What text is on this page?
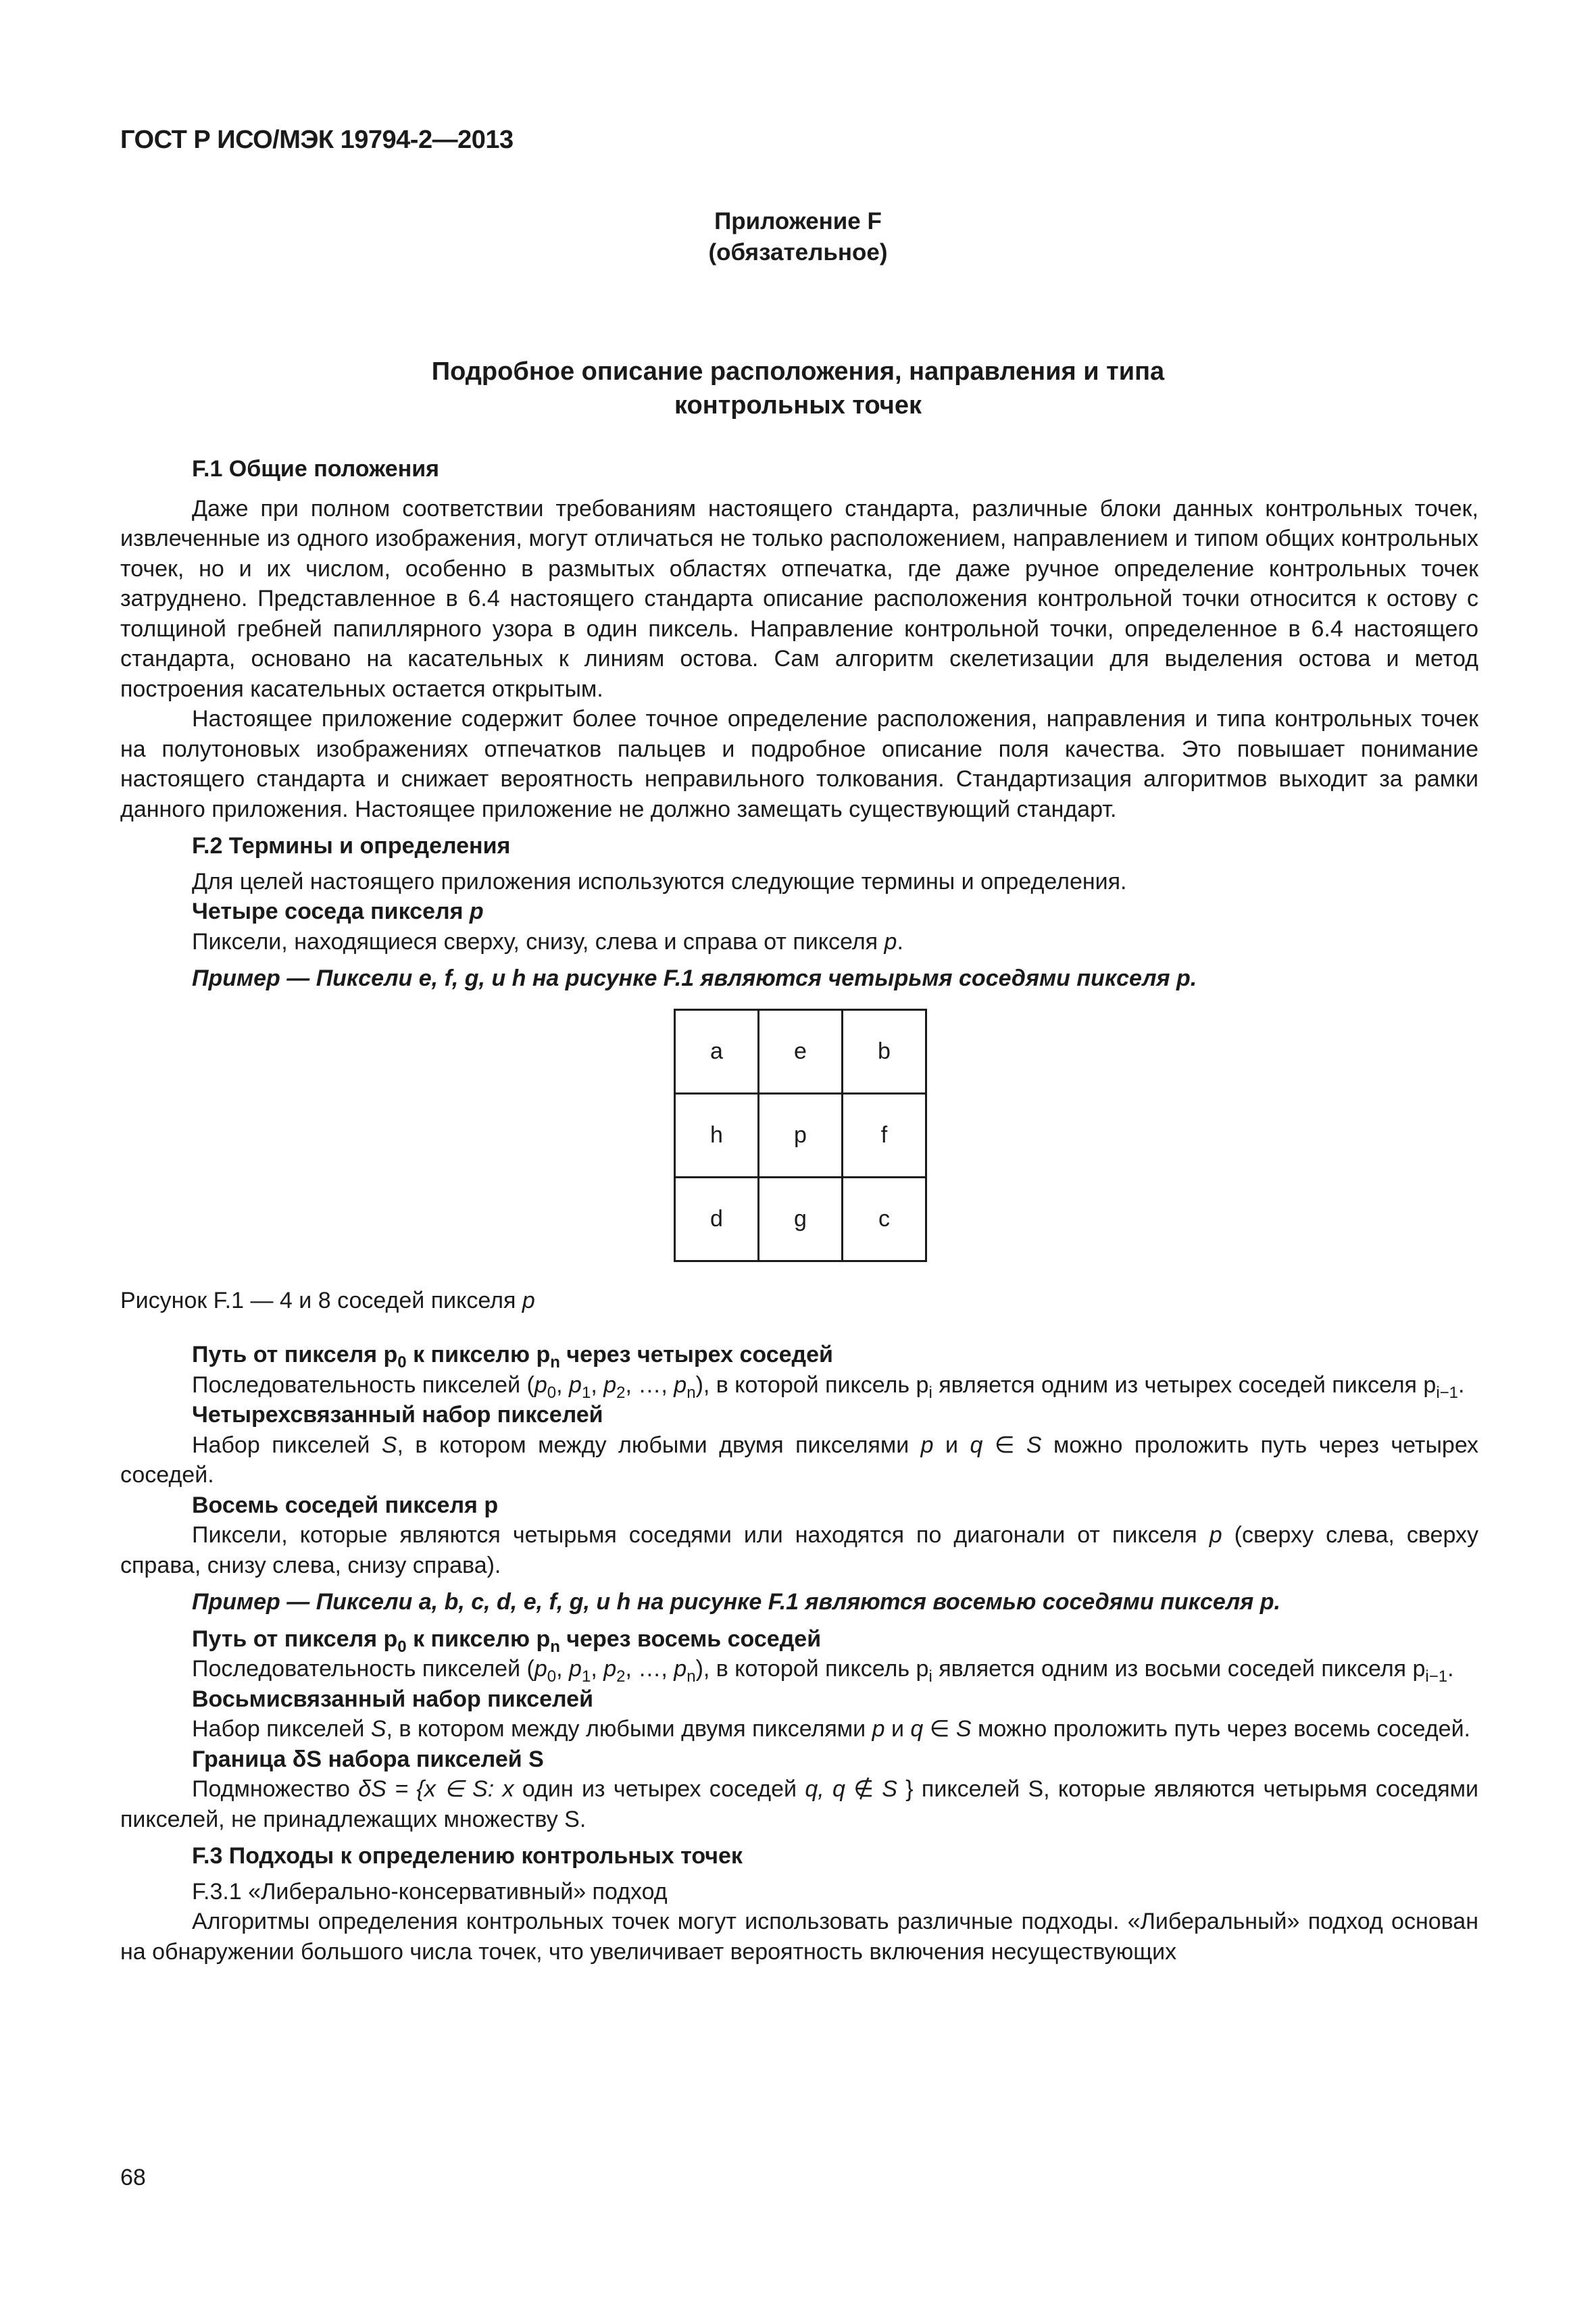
ГОСТ Р ИСО/МЭК 19794-2—2013
Приложение F
(обязательное)
Подробное описание расположения, направления и типа
контрольных точек

F.1 Общие положения

Даже при полном соответствии требованиям настоящего стандарта, различные блоки данных контрольных точек, извлеченные из одного изображения, могут отличаться не только расположением, направлением и типом общих контрольных точек, но и их числом, особенно в размытых областях отпечатка, где даже ручное определение контрольных точек затруднено. Представленное в 6.4 настоящего стандарта описание расположения контрольной точки относится к остову с толщиной гребней папиллярного узора в один пиксель. Направление контрольной точки, определенное в 6.4 настоящего стандарта, основано на касательных к линиям остова. Сам алгоритм скелетизации для выделения остова и метод построения касательных остается открытым.

Настоящее приложение содержит более точное определение расположения, направления и типа контрольных точек на полутоновых изображениях отпечатков пальцев и подробное описание поля качества. Это повышает понимание настоящего стандарта и снижает вероятность неправильного толкования. Стандартизация алгоритмов выходит за рамки данного приложения. Настоящее приложение не должно замещать существующий стандарт.

F.2 Термины и определения

Для целей настоящего приложения используются следующие термины и определения.

Четыре соседа пикселя p

Пиксели, находящиеся сверху, снизу, слева и справа от пикселя p.

Пример — Пиксели e, f, g, и h на рисунке F.1 являются четырьмя соседями пикселя p.

a	e	b
h	p	f
d	g	c

Рисунок F.1 — 4 и 8 соседей пикселя p

Путь от пикселя $p_0$ к пикселю $p_n$ через четырех соседей

Последовательность пикселей ($p_0$, $p_1$, $p_2$, …, $p_n$), в которой пиксель $p_i$ является одним из четырех соседей пикселя $p_{i-1}$.

Четырехсвязанный набор пикселей

Набор пикселей S, в котором между любыми двумя пикселями p и q ∈ S можно проложить путь через четырех соседей.

Восемь соседей пикселя p

Пиксели, которые являются четырьмя соседями или находятся по диагонали от пикселя p (сверху слева, сверху справа, снизу слева, снизу справа).

Пример — Пиксели a, b, c, d, e, f, g, и h на рисунке F.1 являются восемью соседями пикселя p.

Путь от пикселя $p_0$ к пикселю $p_n$ через восемь соседей

Последовательность пикселей ($p_0$, $p_1$, $p_2$, …, $p_n$), в которой пиксель $p_i$ является одним из восьми соседей пикселя $p_{i-1}$.

Восьмисвязанный набор пикселей

Набор пикселей S, в котором между любыми двумя пикселями p и q ∈ S можно проложить путь через восемь соседей.

Граница δS набора пикселей S

Подмножество δS = {x ∈ S: x один из четырех соседей q, q ∉ S } пикселей S, которые являются четырьмя соседями пикселей, не принадлежащих множеству S.

F.3 Подходы к определению контрольных точек

F.3.1 «Либерально-консервативный» подход

Алгоритмы определения контрольных точек могут использовать различные подходы. «Либеральный» подход основан на обнаружении большого числа точек, что увеличивает вероятность включения несуществующих

68
